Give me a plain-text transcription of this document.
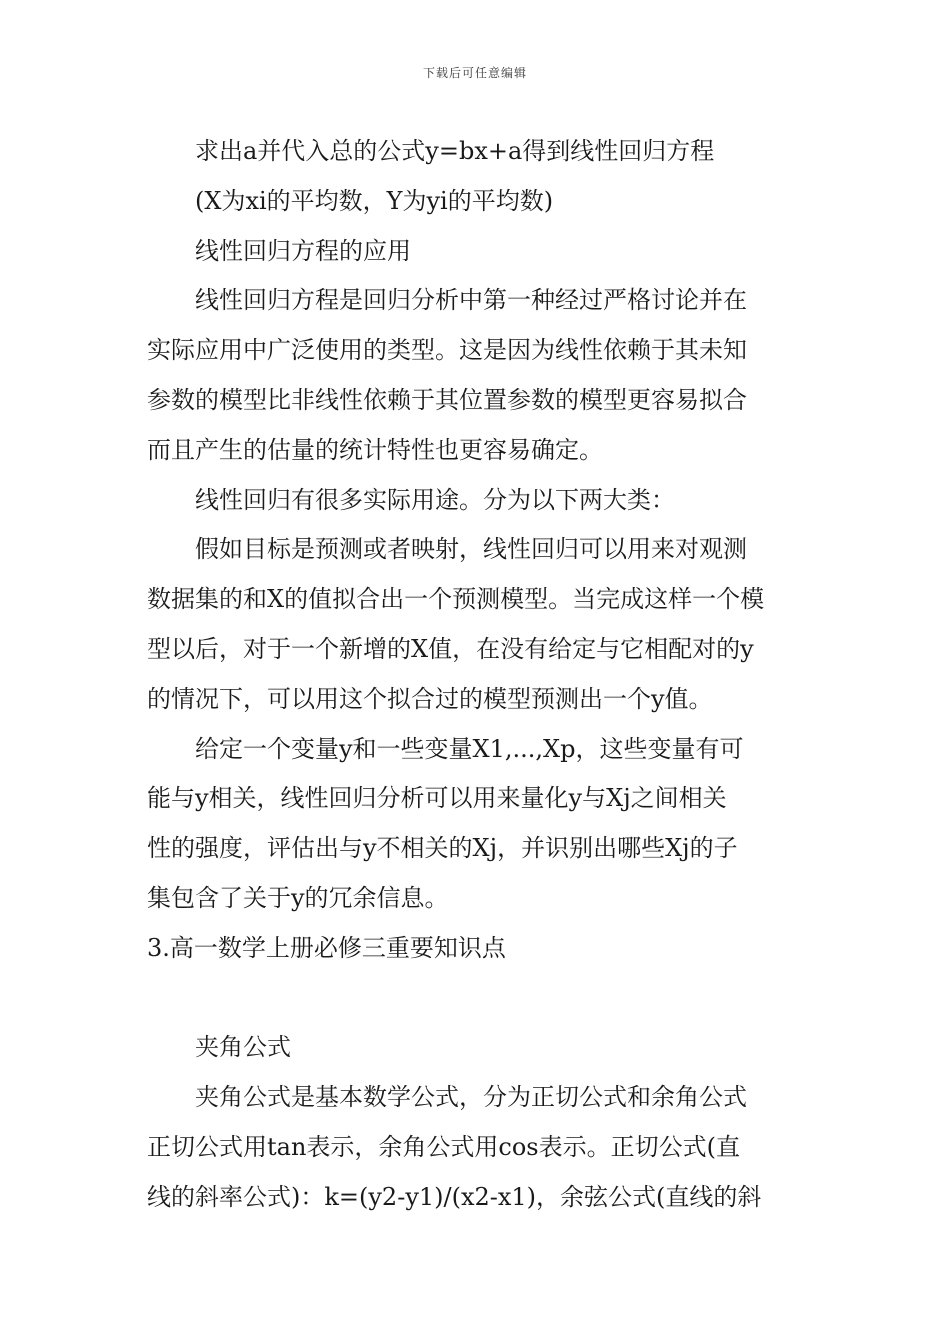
下载后可任意编辑
求出a并代入总的公式y=bx+a得到线性回归方程
(X为xi的平均数，Y为yi的平均数)
线性回归方程的应用
线性回归方程是回归分析中第一种经过严格讨论并在
实际应用中广泛使用的类型。这是因为线性依赖于其未知
参数的模型比非线性依赖于其位置参数的模型更容易拟合
而且产生的估量的统计特性也更容易确定。
线性回归有很多实际用途。分为以下两大类：
假如目标是预测或者映射，线性回归可以用来对观测
数据集的和X的值拟合出一个预测模型。当完成这样一个模
型以后，对于一个新增的X值，在没有给定与它相配对的y
的情况下，可以用这个拟合过的模型预测出一个y值。
给定一个变量y和一些变量X1,...,Xp，这些变量有可
能与y相关，线性回归分析可以用来量化y与Xj之间相关
性的强度，评估出与y不相关的Xj，并识别出哪些Xj的子
集包含了关于y的冗余信息。
3.高一数学上册必修三重要知识点
夹角公式
夹角公式是基本数学公式，分为正切公式和余角公式
正切公式用tan表示，余角公式用cos表示。正切公式(直
线的斜率公式)：k=(y2-y1)/(x2-x1)，余弦公式(直线的斜
